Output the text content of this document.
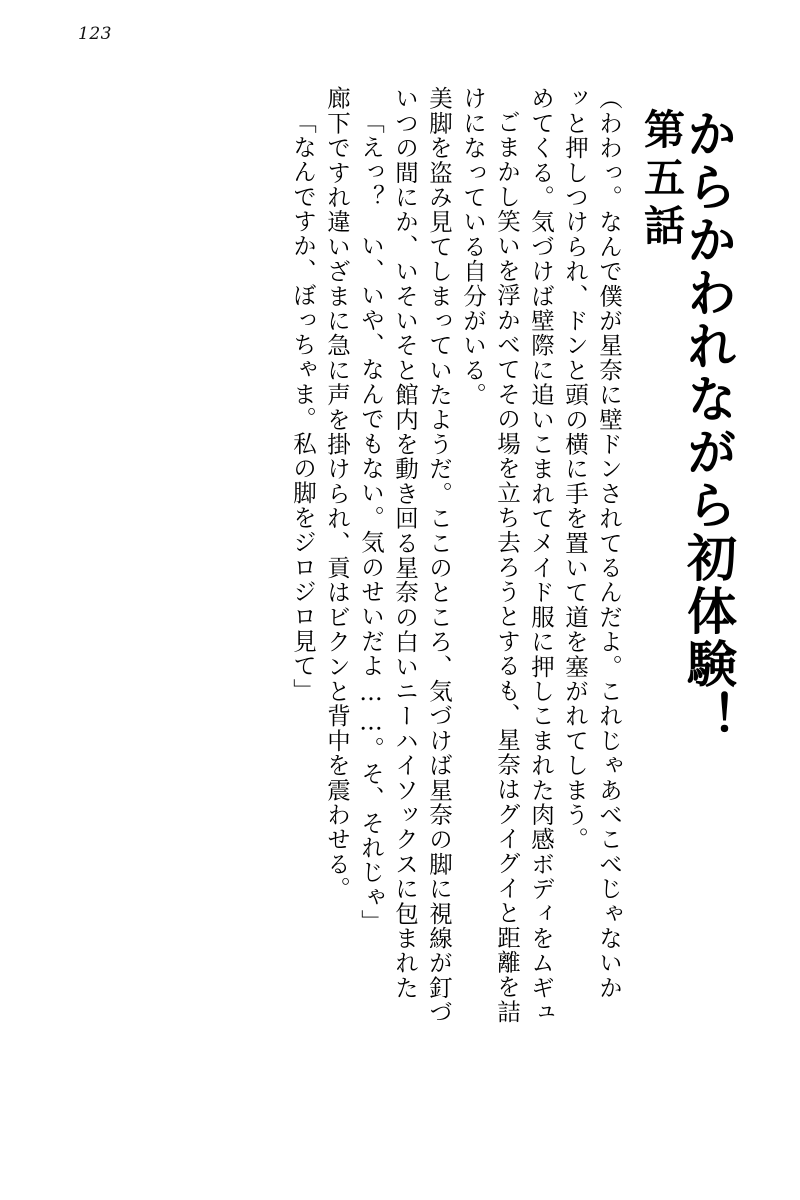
123
第五話
からかわれながら初体験！
「なんですか、ぼっちゃま。私の脚をジロジロ見て」 廊下ですれ違いざまに急に声を掛けられ、貢はビクンと背中を震わせる。 「えっ？　い、いや、なんでもない。気のせいだよ……。そ、それじゃ」 いつの間にか、いそいそと館内を動き回る星奈の白いニーハイソックスに包まれた 美脚を盗み見てしまっていたようだ。ここのところ、気づけば星奈の脚に視線が釘づ けになっている自分がいる。 ごまかし笑いを浮かべてその場を立ち去ろうとするも、星奈はグイグイと距離を詰 めてくる。気づけば壁際に追いこまれてメイド服に押しこまれた肉感ボディをムギュ ッと押しつけられ、ドンと頭の横に手を置いて道を塞がれてしまう。 （わわっ。なんで僕が星奈に壁ドンされてるんだよ。これじゃあべこべじゃないか
